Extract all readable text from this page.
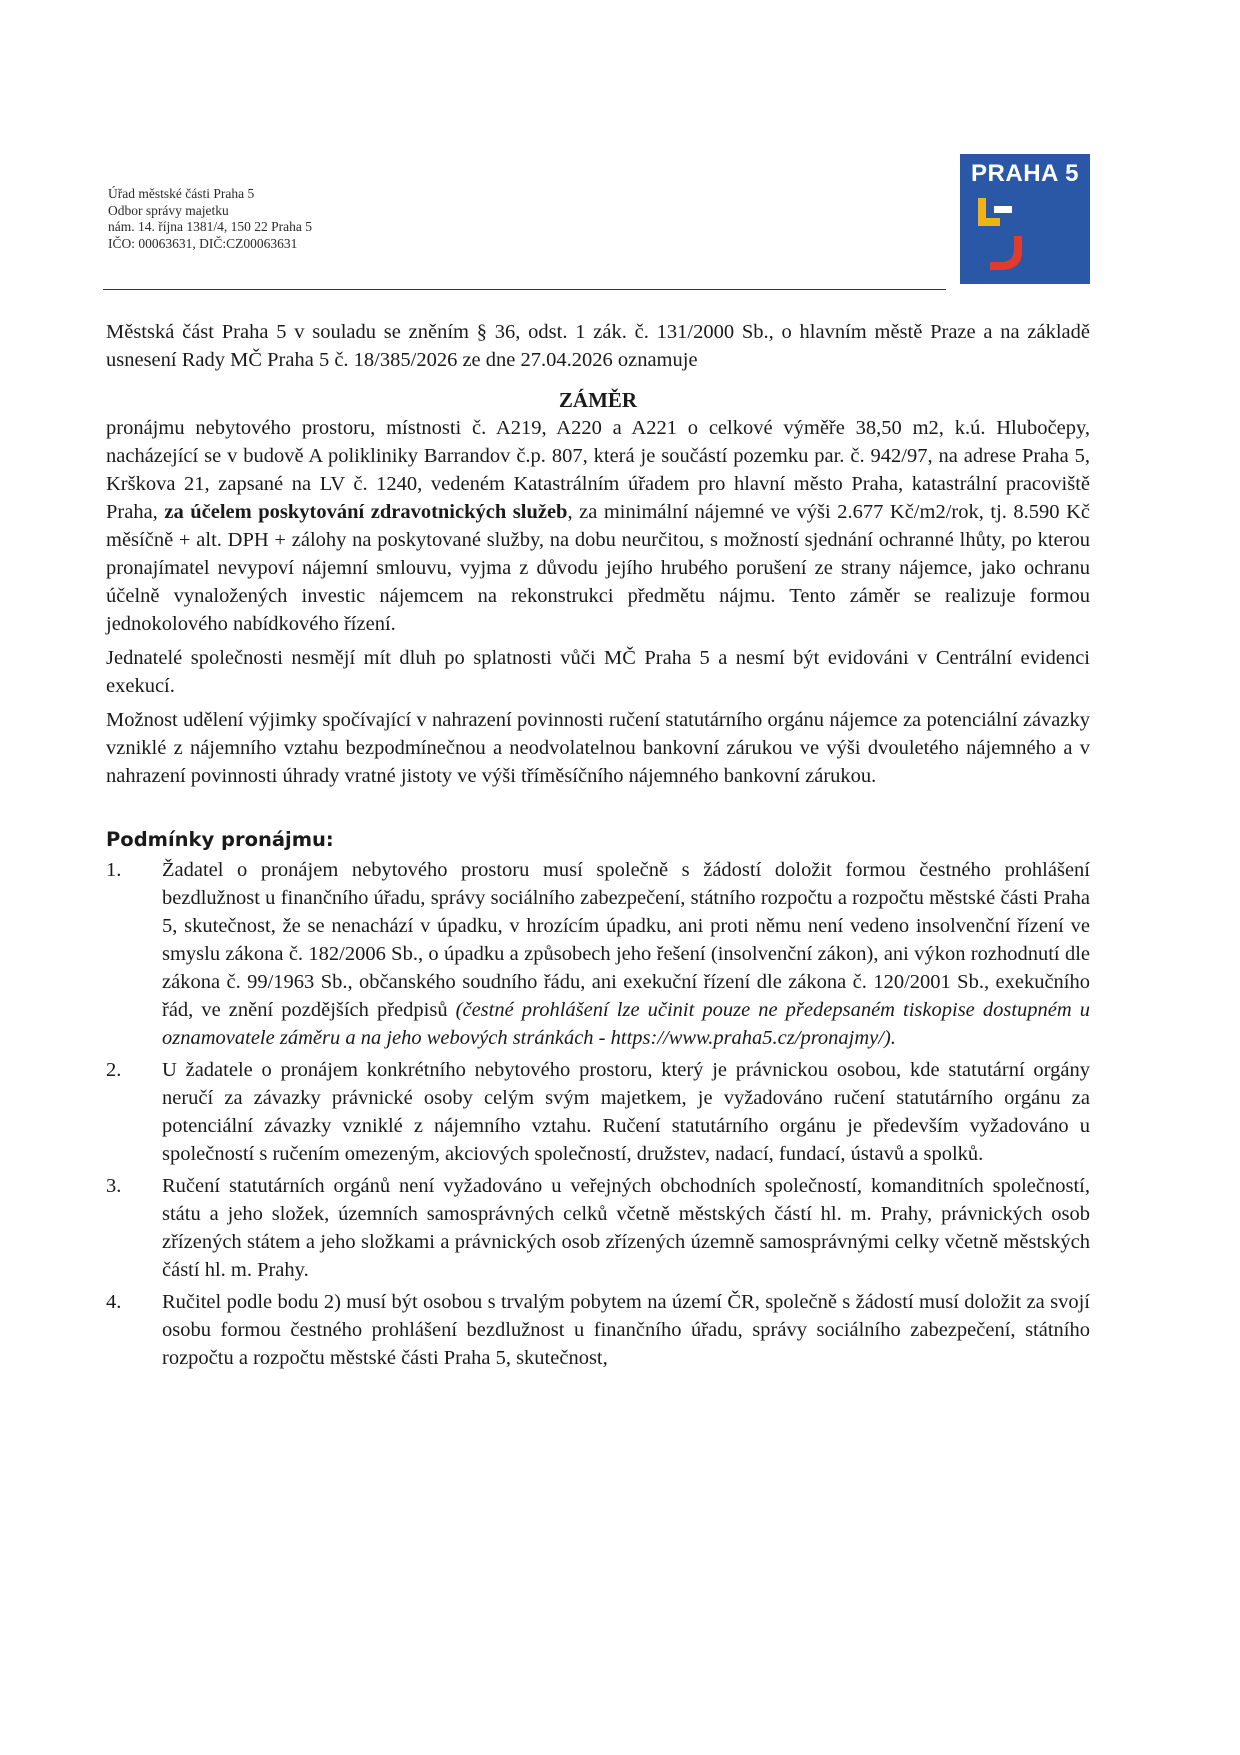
Úřad městské části Praha 5
Odbor správy majetku
nám. 14. října 1381/4, 150 22 Praha 5
IČO: 00063631, DIČ:CZ00063631
PRAHA 5

Městská část Praha 5 v souladu se zněním § 36, odst. 1 zák. č. 131/2000 Sb., o hlavním městě Praze a na základě usnesení Rady MČ Praha 5 č. 18/385/2026 ze dne 27.04.2026 oznamuje

ZÁMĚR

pronájmu nebytového prostoru, místnosti č. A219, A220 a A221 o celkové výměře 38,50 m2, k.ú. Hlubočepy, nacházející se v budově A polikliniky Barrandov č.p. 807, která je součástí pozemku par. č. 942/97, na adrese Praha 5, Krškova 21, zapsané na LV č. 1240, vedeném Katastrálním úřadem pro hlavní město Praha, katastrální pracoviště Praha, za účelem poskytování zdravotnických služeb, za minimální nájemné ve výši 2.677 Kč/m2/rok, tj. 8.590 Kč měsíčně + alt. DPH + zálohy na poskytované služby, na dobu neurčitou, s možností sjednání ochranné lhůty, po kterou pronajímatel nevypoví nájemní smlouvu, vyjma z důvodu jejího hrubého porušení ze strany nájemce, jako ochranu účelně vynaložených investic nájemcem na rekonstrukci předmětu nájmu. Tento záměr se realizuje formou jednokolového nabídkového řízení.

Jednatelé společnosti nesmějí mít dluh po splatnosti vůči MČ Praha 5 a nesmí být evidováni v Centrální evidenci exekucí.

Možnost udělení výjimky spočívající v nahrazení povinnosti ručení statutárního orgánu nájemce za potenciální závazky vzniklé z nájemního vztahu bezpodmínečnou a neodvolatelnou bankovní zárukou ve výši dvouletého nájemného a v nahrazení povinnosti úhrady vratné jistoty ve výši tříměsíčního nájemného bankovní zárukou.

Podmínky pronájmu:

1. Žadatel o pronájem nebytového prostoru musí společně s žádostí doložit formou čestného prohlášení bezdlužnost u finančního úřadu, správy sociálního zabezpečení, státního rozpočtu a rozpočtu městské části Praha 5, skutečnost, že se nenachází v úpadku, v hrozícím úpadku, ani proti němu není vedeno insolvenční řízení ve smyslu zákona č. 182/2006 Sb., o úpadku a způsobech jeho řešení (insolvenční zákon), ani výkon rozhodnutí dle zákona č. 99/1963 Sb., občanského soudního řádu, ani exekuční řízení dle zákona č. 120/2001 Sb., exekučního řád, ve znění pozdějších předpisů (čestné prohlášení lze učinit pouze ne předepsaném tiskopise dostupném u oznamovatele záměru a na jeho webových stránkách - https://www.praha5.cz/pronajmy/).
2. U žadatele o pronájem konkrétního nebytového prostoru, který je právnickou osobou, kde statutární orgány neručí za závazky právnické osoby celým svým majetkem, je vyžadováno ručení statutárního orgánu za potenciální závazky vzniklé z nájemního vztahu. Ručení statutárního orgánu je především vyžadováno u společností s ručením omezeným, akciových společností, družstev, nadací, fundací, ústavů a spolků.
3. Ručení statutárních orgánů není vyžadováno u veřejných obchodních společností, komanditních společností, státu a jeho složek, územních samosprávných celků včetně městských částí hl. m. Prahy, právnických osob zřízených státem a jeho složkami a právnických osob zřízených územně samosprávnými celky včetně městských částí hl. m. Prahy.
4. Ručitel podle bodu 2) musí být osobou s trvalým pobytem na území ČR, společně s žádostí musí doložit za svojí osobu formou čestného prohlášení bezdlužnost u finančního úřadu, správy sociálního zabezpečení, státního rozpočtu a rozpočtu městské části Praha 5, skutečnost,
